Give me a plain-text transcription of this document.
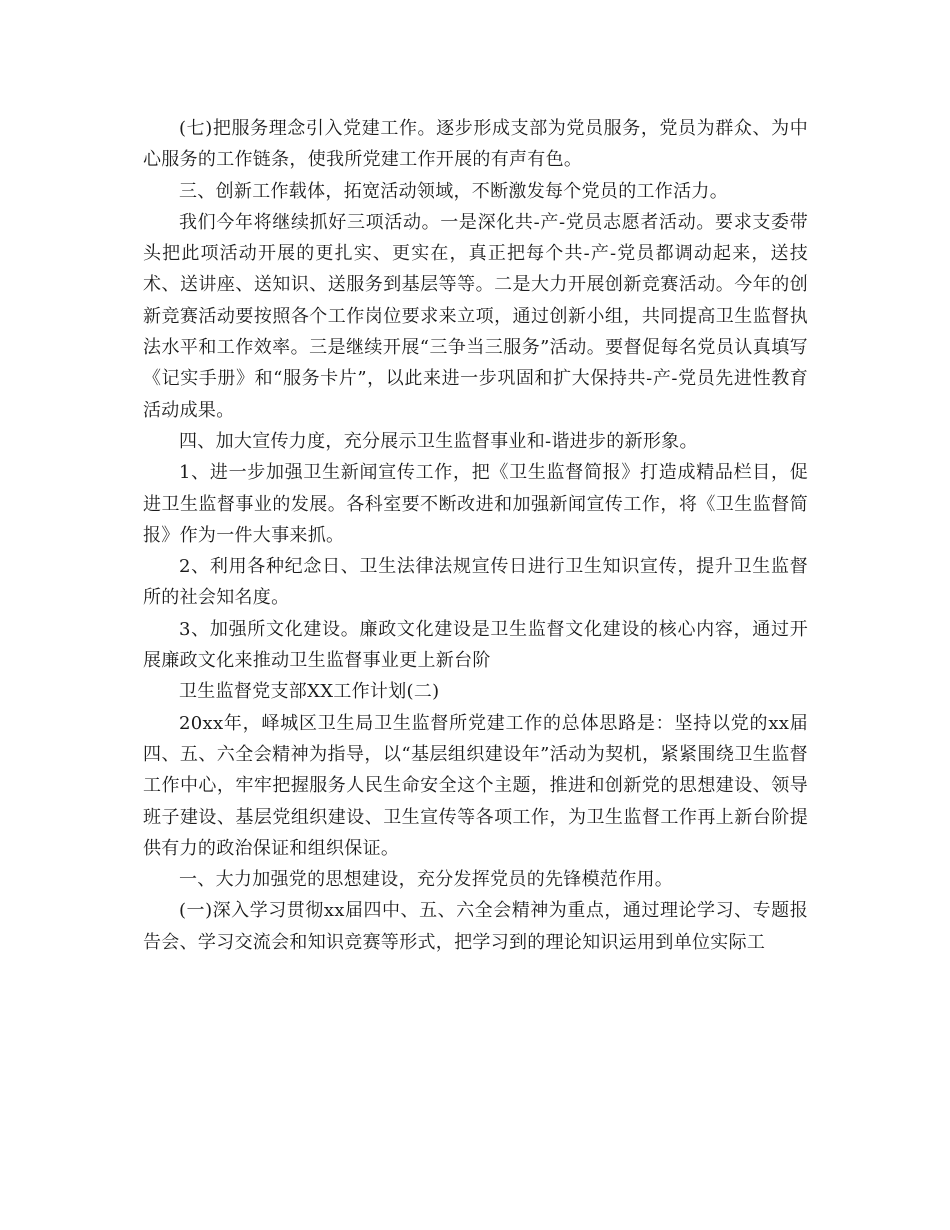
(七)把服务理念引入党建工作。逐步形成支部为党员服务，党员为群众、为中心服务的工作链条，使我所党建工作开展的有声有色。

三、创新工作载体，拓宽活动领域，不断激发每个党员的工作活力。

我们今年将继续抓好三项活动。一是深化共-产-党员志愿者活动。要求支委带头把此项活动开展的更扎实、更实在，真正把每个共-产-党员都调动起来，送技术、送讲座、送知识、送服务到基层等等。二是大力开展创新竞赛活动。今年的创新竞赛活动要按照各个工作岗位要求来立项，通过创新小组，共同提高卫生监督执法水平和工作效率。三是继续开展“三争当三服务”活动。要督促每名党员认真填写《记实手册》和“服务卡片”，以此来进一步巩固和扩大保持共-产-党员先进性教育活动成果。

四、加大宣传力度，充分展示卫生监督事业和-谐进步的新形象。

1、进一步加强卫生新闻宣传工作，把《卫生监督简报》打造成精品栏目，促进卫生监督事业的发展。各科室要不断改进和加强新闻宣传工作，将《卫生监督简报》作为一件大事来抓。

2、利用各种纪念日、卫生法律法规宣传日进行卫生知识宣传，提升卫生监督所的社会知名度。

3、加强所文化建设。廉政文化建设是卫生监督文化建设的核心内容，通过开展廉政文化来推动卫生监督事业更上新台阶

卫生监督党支部XX工作计划(二)

20xx年，峄城区卫生局卫生监督所党建工作的总体思路是：坚持以党的xx届四、五、六全会精神为指导，以“基层组织建设年”活动为契机，紧紧围绕卫生监督工作中心，牢牢把握服务人民生命安全这个主题，推进和创新党的思想建设、领导班子建设、基层党组织建设、卫生宣传等各项工作，为卫生监督工作再上新台阶提供有力的政治保证和组织保证。

一、大力加强党的思想建设，充分发挥党员的先锋模范作用。

(一)深入学习贯彻xx届四中、五、六全会精神为重点，通过理论学习、专题报告会、学习交流会和知识竞赛等形式，把学习到的理论知识运用到单位实际工
